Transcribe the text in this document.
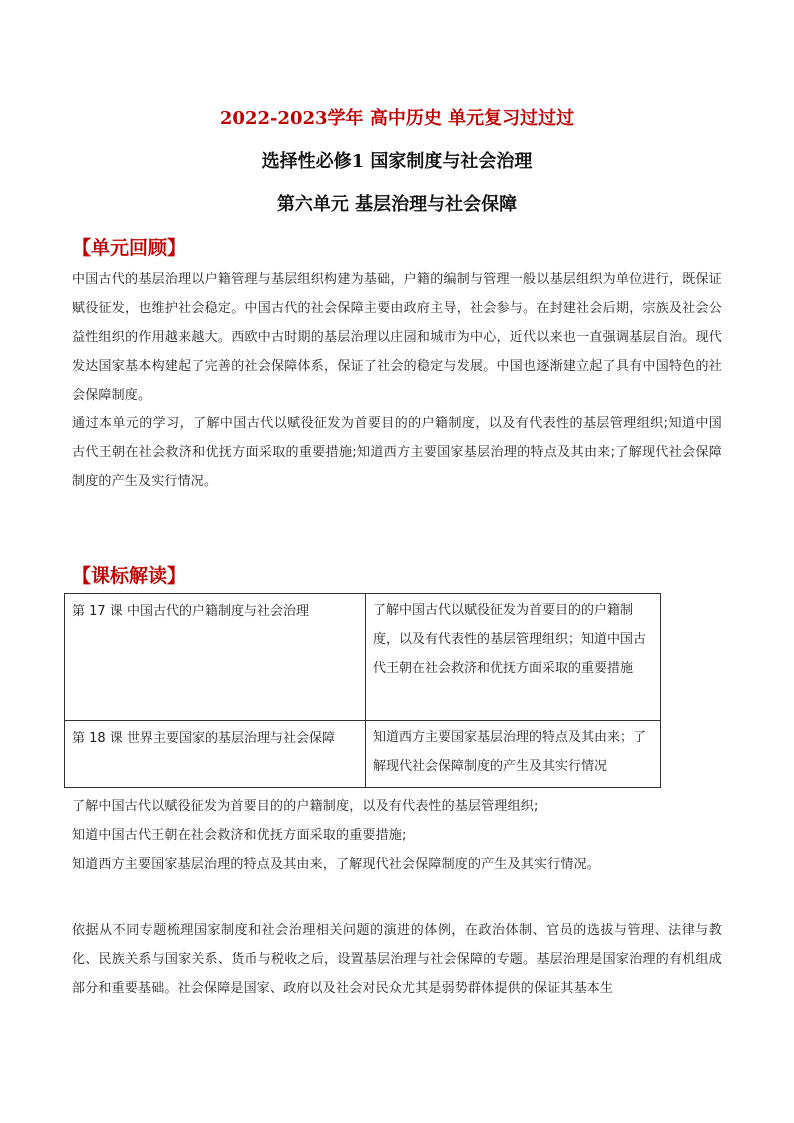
2022-2023学年 高中历史 单元复习过过过
选择性必修1 国家制度与社会治理
第六单元 基层治理与社会保障
【单元回顾】

中国古代的基层治理以户籍管理与基层组织构建为基础，户籍的编制与管理一般以基层组织为单位进行，既保证赋役征发，也维护社会稳定。中国古代的社会保障主要由政府主导，社会参与。在封建社会后期，宗族及社会公益性组织的作用越来越大。西欧中古时期的基层治理以庄园和城市为中心，近代以来也一直强调基层自治。现代发达国家基本构建起了完善的社会保障体系，保证了社会的稳定与发展。中国也逐渐建立起了具有中国特色的社会保障制度。

通过本单元的学习，了解中国古代以赋役征发为首要目的的户籍制度，以及有代表性的基层管理组织;知道中国古代王朝在社会救济和优抚方面采取的重要措施;知道西方主要国家基层治理的特点及其由来;了解现代社会保障制度的产生及实行情况。

【课标解读】
第 17 课 中国古代的户籍制度与社会治理	了解中国古代以赋役征发为首要目的的户籍制度，以及有代表性的基层管理组织；知道中国古代王朝在社会救济和优抚方面采取的重要措施
第 18 课 世界主要国家的基层治理与社会保障	知道西方主要国家基层治理的特点及其由来；了解现代社会保障制度的产生及其实行情况

了解中国古代以赋役征发为首要目的的户籍制度，以及有代表性的基层管理组织;

知道中国古代王朝在社会救济和优抚方面采取的重要措施;

知道西方主要国家基层治理的特点及其由来，了解现代社会保障制度的产生及其实行情况。

依据从不同专题梳理国家制度和社会治理相关问题的演进的体例，在政治体制、官员的选拔与管理、法律与教化、民族关系与国家关系、货币与税收之后，设置基层治理与社会保障的专题。基层治理是国家治理的有机组成部分和重要基础。社会保障是国家、政府以及社会对民众尤其是弱势群体提供的保证其基本生
